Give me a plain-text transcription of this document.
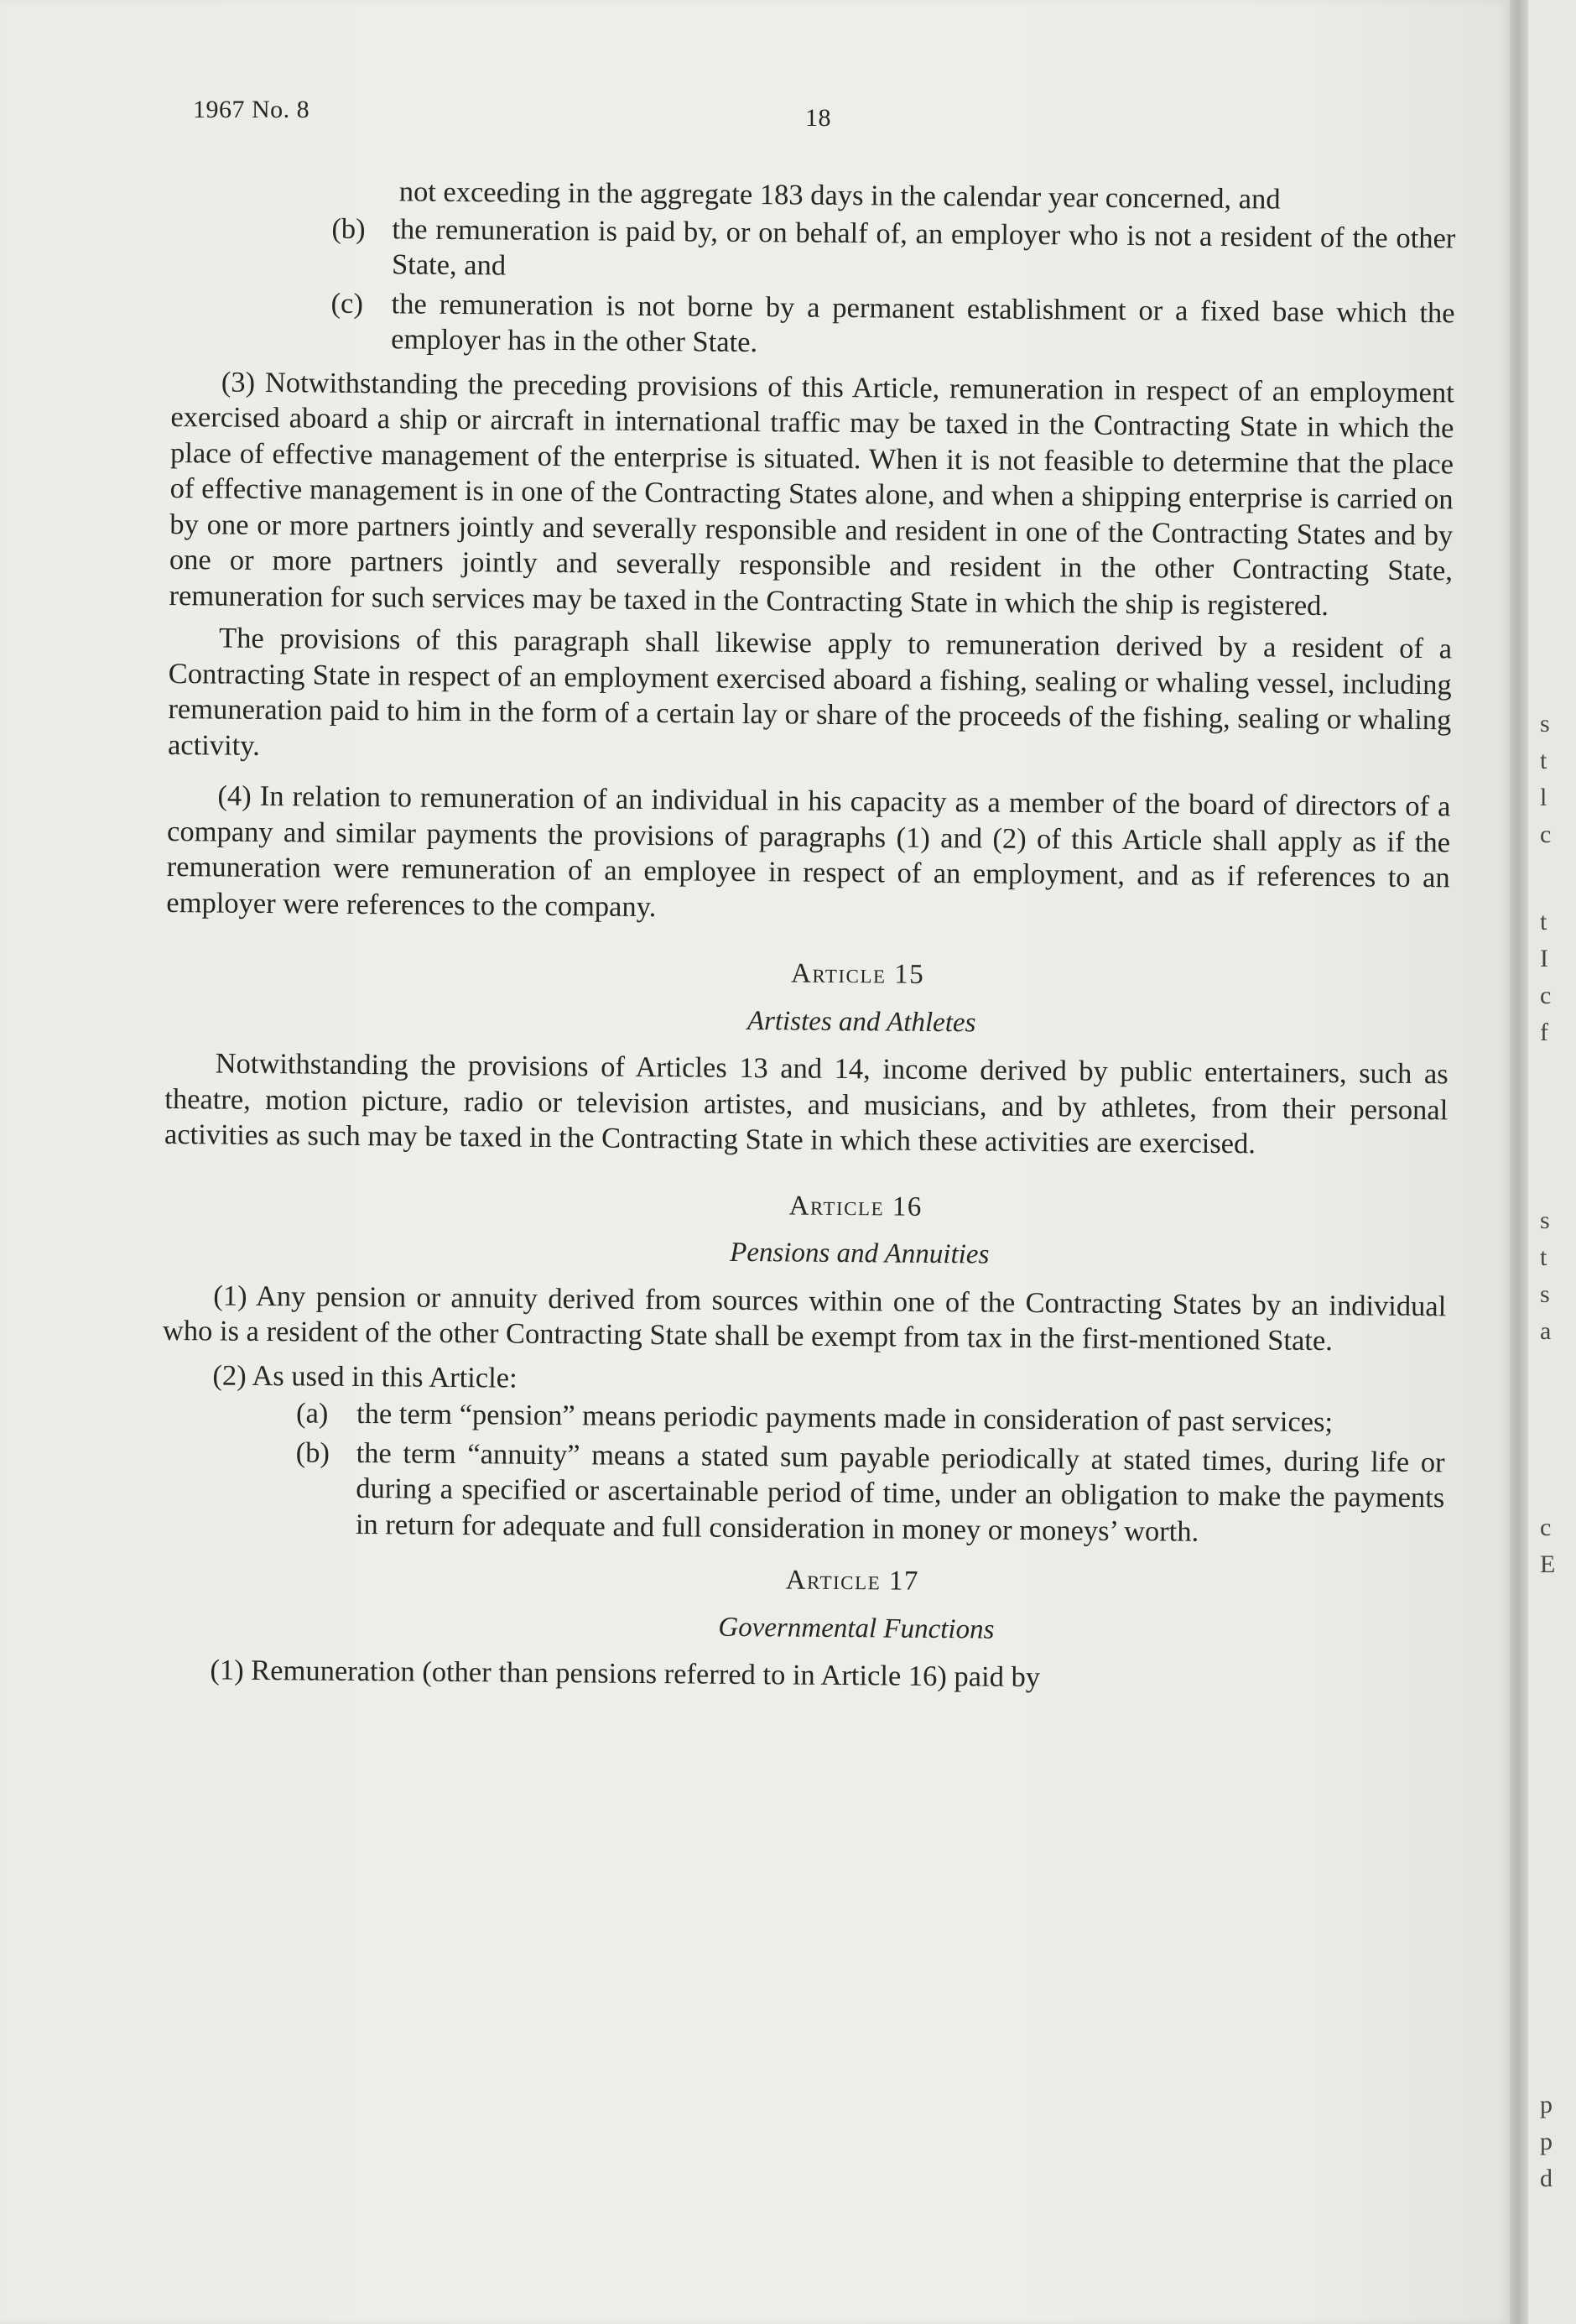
1967 No. 8	18

not exceeding in the aggregate 183 days in the calendar year concerned, and

(b) the remuneration is paid by, or on behalf of, an employer who is not a resident of the other State, and
(c) the remuneration is not borne by a permanent establishment or a fixed base which the employer has in the other State.

(3) Notwithstanding the preceding provisions of this Article, remuneration in respect of an employment exercised aboard a ship or aircraft in international traffic may be taxed in the Contracting State in which the place of effective management of the enterprise is situated. When it is not feasible to determine that the place of effective management is in one of the Contracting States alone, and when a shipping enterprise is carried on by one or more partners jointly and severally responsible and resident in one of the Contracting States and by one or more partners jointly and severally responsible and resident in the other Contracting State, remuneration for such services may be taxed in the Contracting State in which the ship is registered.

The provisions of this paragraph shall likewise apply to remuneration derived by a resident of a Contracting State in respect of an employment exercised aboard a fishing, sealing or whaling vessel, including remuneration paid to him in the form of a certain lay or share of the proceeds of the fishing, sealing or whaling activity.

(4) In relation to remuneration of an individual in his capacity as a member of the board of directors of a company and similar payments the provisions of paragraphs (1) and (2) of this Article shall apply as if the remuneration were remuneration of an employee in respect of an employment, and as if references to an employer were references to the company.

Article 15
Artistes and Athletes

Notwithstanding the provisions of Articles 13 and 14, income derived by public entertainers, such as theatre, motion picture, radio or television artistes, and musicians, and by athletes, from their personal activities as such may be taxed in the Contracting State in which these activities are exercised.

Article 16
Pensions and Annuities

(1) Any pension or annuity derived from sources within one of the Contracting States by an individual who is a resident of the other Contracting State shall be exempt from tax in the first-mentioned State.

(2) As used in this Article:

(a) the term “pension” means periodic payments made in consideration of past services;
(b) the term “annuity” means a stated sum payable periodically at stated times, during life or during a specified or ascertainable period of time, under an obligation to make the payments in return for adequate and full consideration in money or moneys’ worth.
Article 17
Governmental Functions

(1) Remuneration (other than pensions referred to in Article 16) paid by

s
t
l
c
t
I
c
f
s
t
s
a
c
E
p
p
d
